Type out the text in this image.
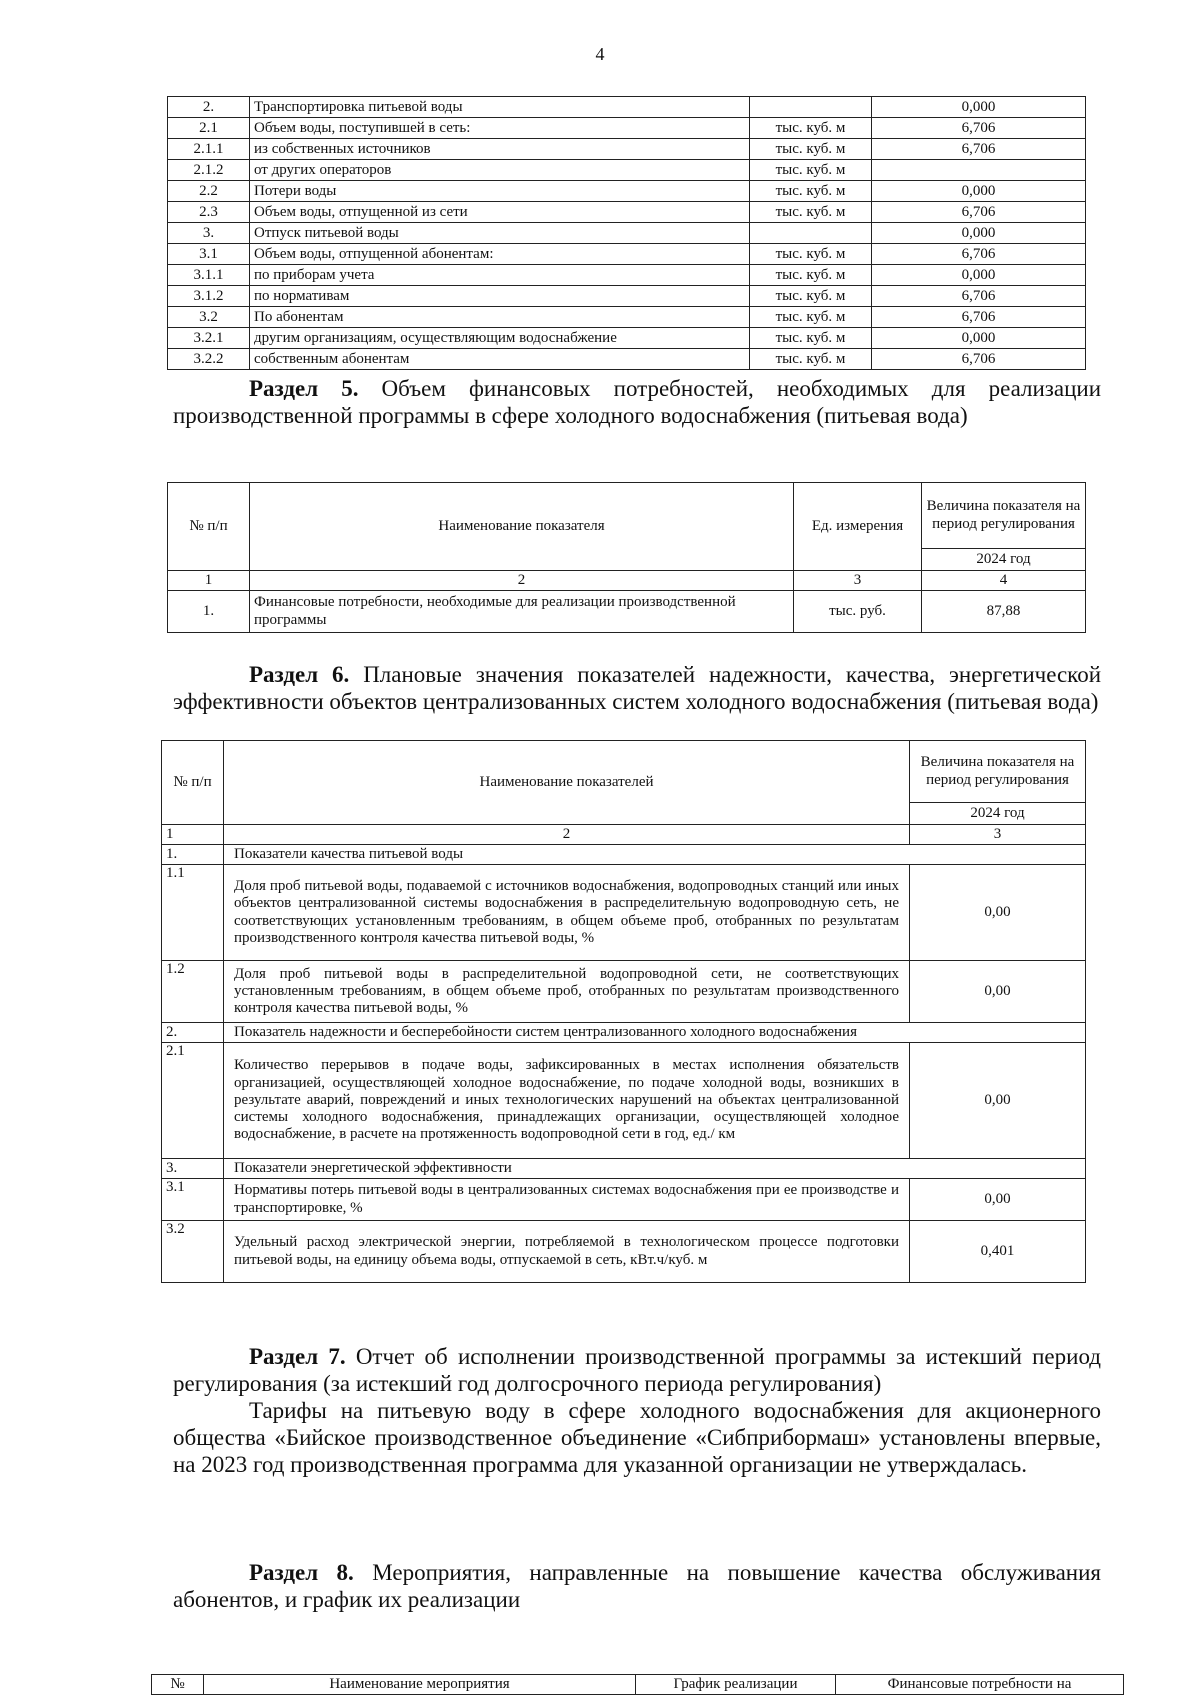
4
2.	Транспортировка питьевой воды		0,000
2.1	Объем воды, поступившей в сеть:	тыс. куб. м	6,706
2.1.1	из собственных источников	тыс. куб. м	6,706
2.1.2	от других операторов	тыс. куб. м	
2.2	Потери воды	тыс. куб. м	0,000
2.3	Объем воды, отпущенной из сети	тыс. куб. м	6,706
3.	Отпуск питьевой воды		0,000
3.1	Объем воды, отпущенной абонентам:	тыс. куб. м	6,706
3.1.1	по приборам учета	тыс. куб. м	0,000
3.1.2	по нормативам	тыс. куб. м	6,706
3.2	По абонентам	тыс. куб. м	6,706
3.2.1	другим организациям, осуществляющим водоснабжение	тыс. куб. м	0,000
3.2.2	собственным абонентам	тыс. куб. м	6,706
Раздел 5. Объем финансовых потребностей, необходимых для реализации производственной программы в сфере холодного водоснабжения (питьевая вода)
№ п/п	Наименование показателя	Ед. измерения	Величина показателя на период регулирования
			2024 год
1	2	3	4
1.	Финансовые потребности, необходимые для реализации производственной программы	тыс. руб.	87,88
Раздел 6. Плановые значения показателей надежности, качества, энергетической эффективности объектов централизованных систем холодного водоснабжения (питьевая вода)
№ п/п	Наименование показателей	Величина показателя на период регулирования
		2024 год
1	2	3
1.	Показатели качества питьевой воды	
1.1	Доля проб питьевой воды, подаваемой с источников водоснабжения, водопроводных станций или иных объектов централизованной системы водоснабжения в распределительную водопроводную сеть, не соответствующих установленным требованиям, в общем объеме проб, отобранных по результатам производственного контроля качества питьевой воды, %	0,00
1.2	Доля проб питьевой воды в распределительной водопроводной сети, не соответствующих установленным требованиям, в общем объеме проб, отобранных по результатам производственного контроля качества питьевой воды, %	0,00
2.	Показатель надежности и бесперебойности систем централизованного холодного водоснабжения	
2.1	Количество перерывов в подаче воды, зафиксированных в местах исполнения обязательств организацией, осуществляющей холодное водоснабжение, по подаче холодной воды, возникших в результате аварий, повреждений и иных технологических нарушений на объектах централизованной системы холодного водоснабжения, принадлежащих организации, осуществляющей холодное водоснабжение, в расчете на протяженность водопроводной сети в год, ед./ км	0,00
3.	Показатели энергетической эффективности	
3.1	Нормативы потерь питьевой воды в централизованных системах водоснабжения при ее производстве и транспортировке, %	0,00
3.2	Удельный расход электрической энергии, потребляемой в технологическом процессе подготовки питьевой воды, на единицу объема воды, отпускаемой в сеть, кВт.ч/куб. м	0,401
Раздел 7. Отчет об исполнении производственной программы за истекший период регулирования (за истекший год долгосрочного периода регулирования)
Тарифы на питьевую воду в сфере холодного водоснабжения для акционерного общества «Бийское производственное объединение «Сибприбормаш» установлены впервые, на 2023 год производственная программа для указанной организации не утверждалась.
Раздел 8. Мероприятия, направленные на повышение качества обслуживания абонентов, и график их реализации
№	Наименование мероприятия	График реализации	Финансовые потребности на
